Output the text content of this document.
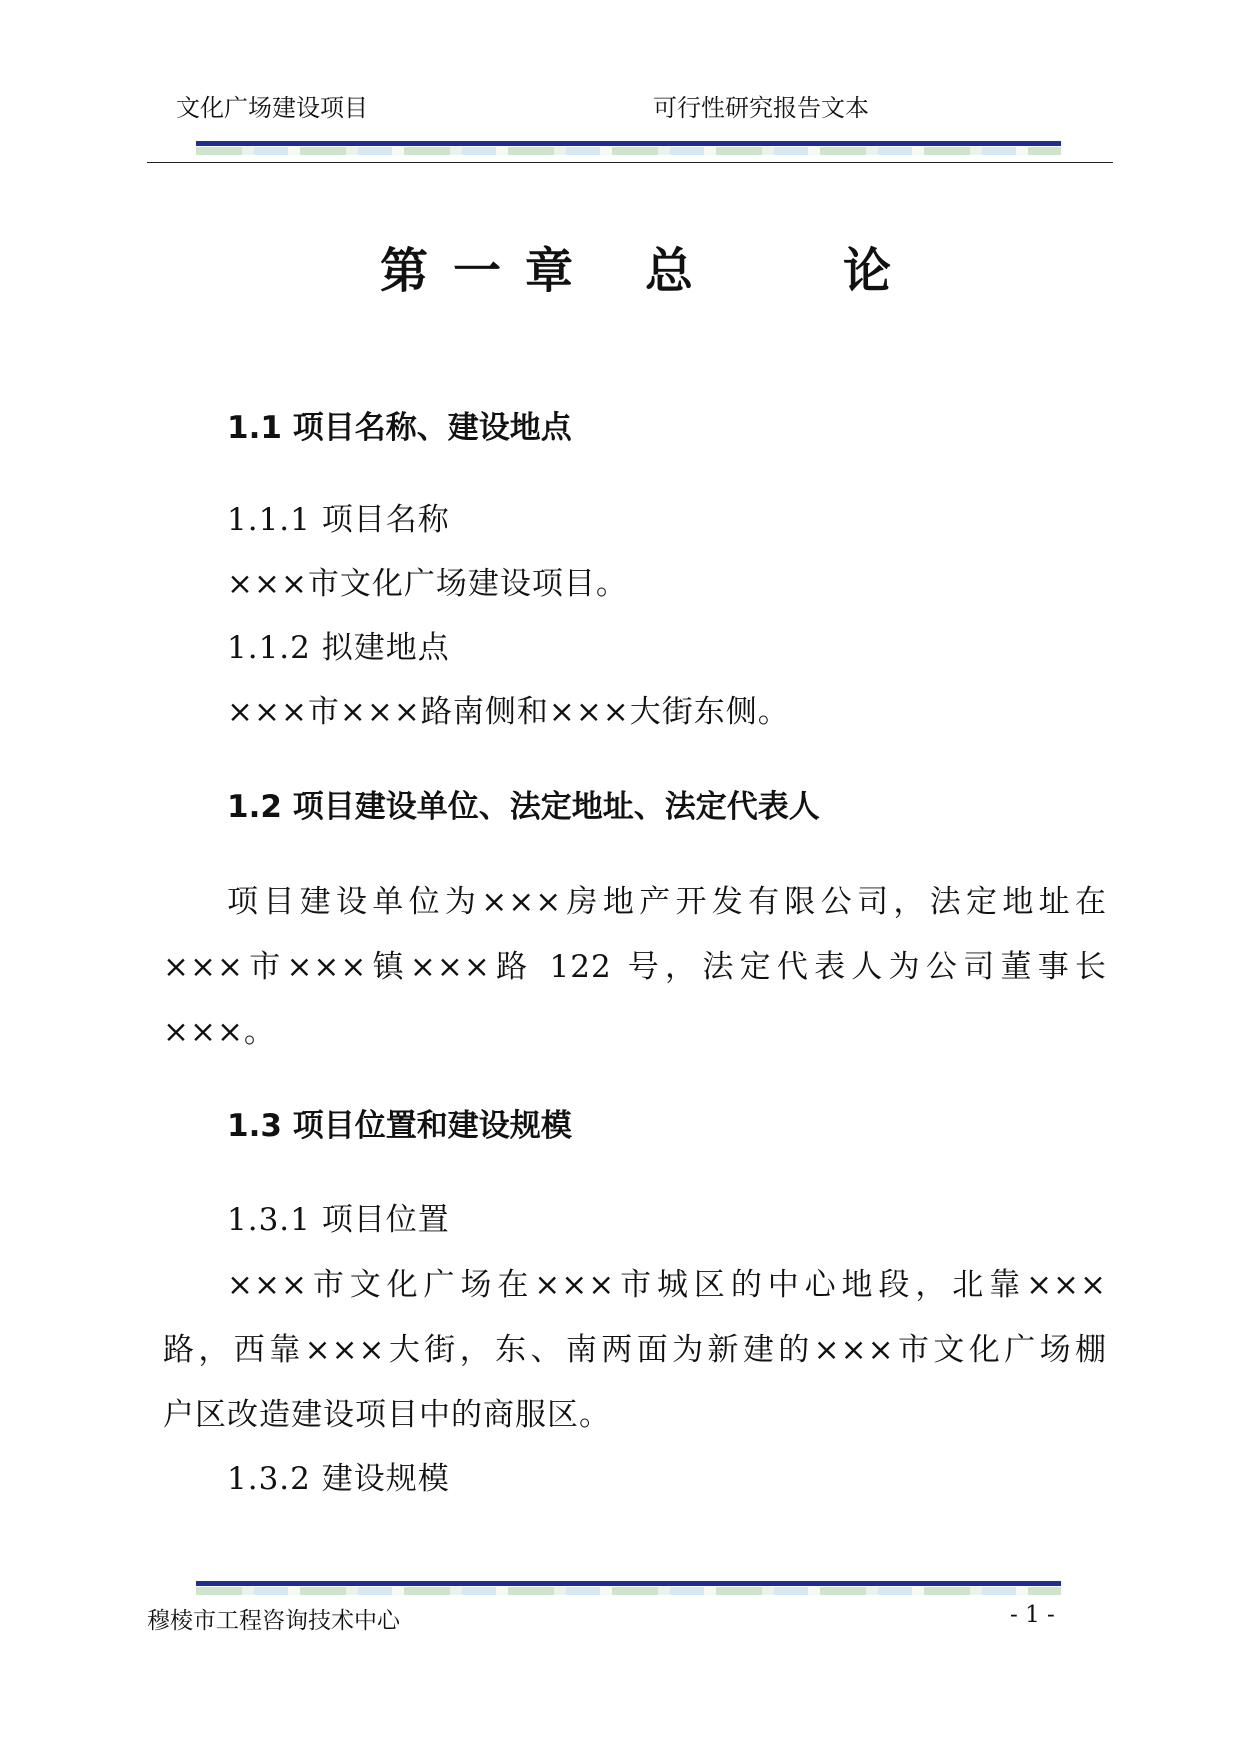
文化广场建设项目	可行性研究报告文本
第 一 章 总	论
1.1 项目名称、建设地点
1.1.1 项目名称
×××市文化广场建设项目。
1.1.2 拟建地点
×××市×××路南侧和×××大街东侧。
1.2 项目建设单位、法定地址、法定代表人
项目建设单位为×××房地产开发有限公司，法定地址在
×××市×××镇×××路 122 号，法定代表人为公司董事长
×××。
1.3 项目位置和建设规模
1.3.1 项目位置
×××市文化广场在×××市城区的中心地段，北靠×××
路，西靠×××大街，东、南两面为新建的×××市文化广场棚
户区改造建设项目中的商服区。
1.3.2 建设规模
穆棱市工程咨询技术中心	- 1 -
